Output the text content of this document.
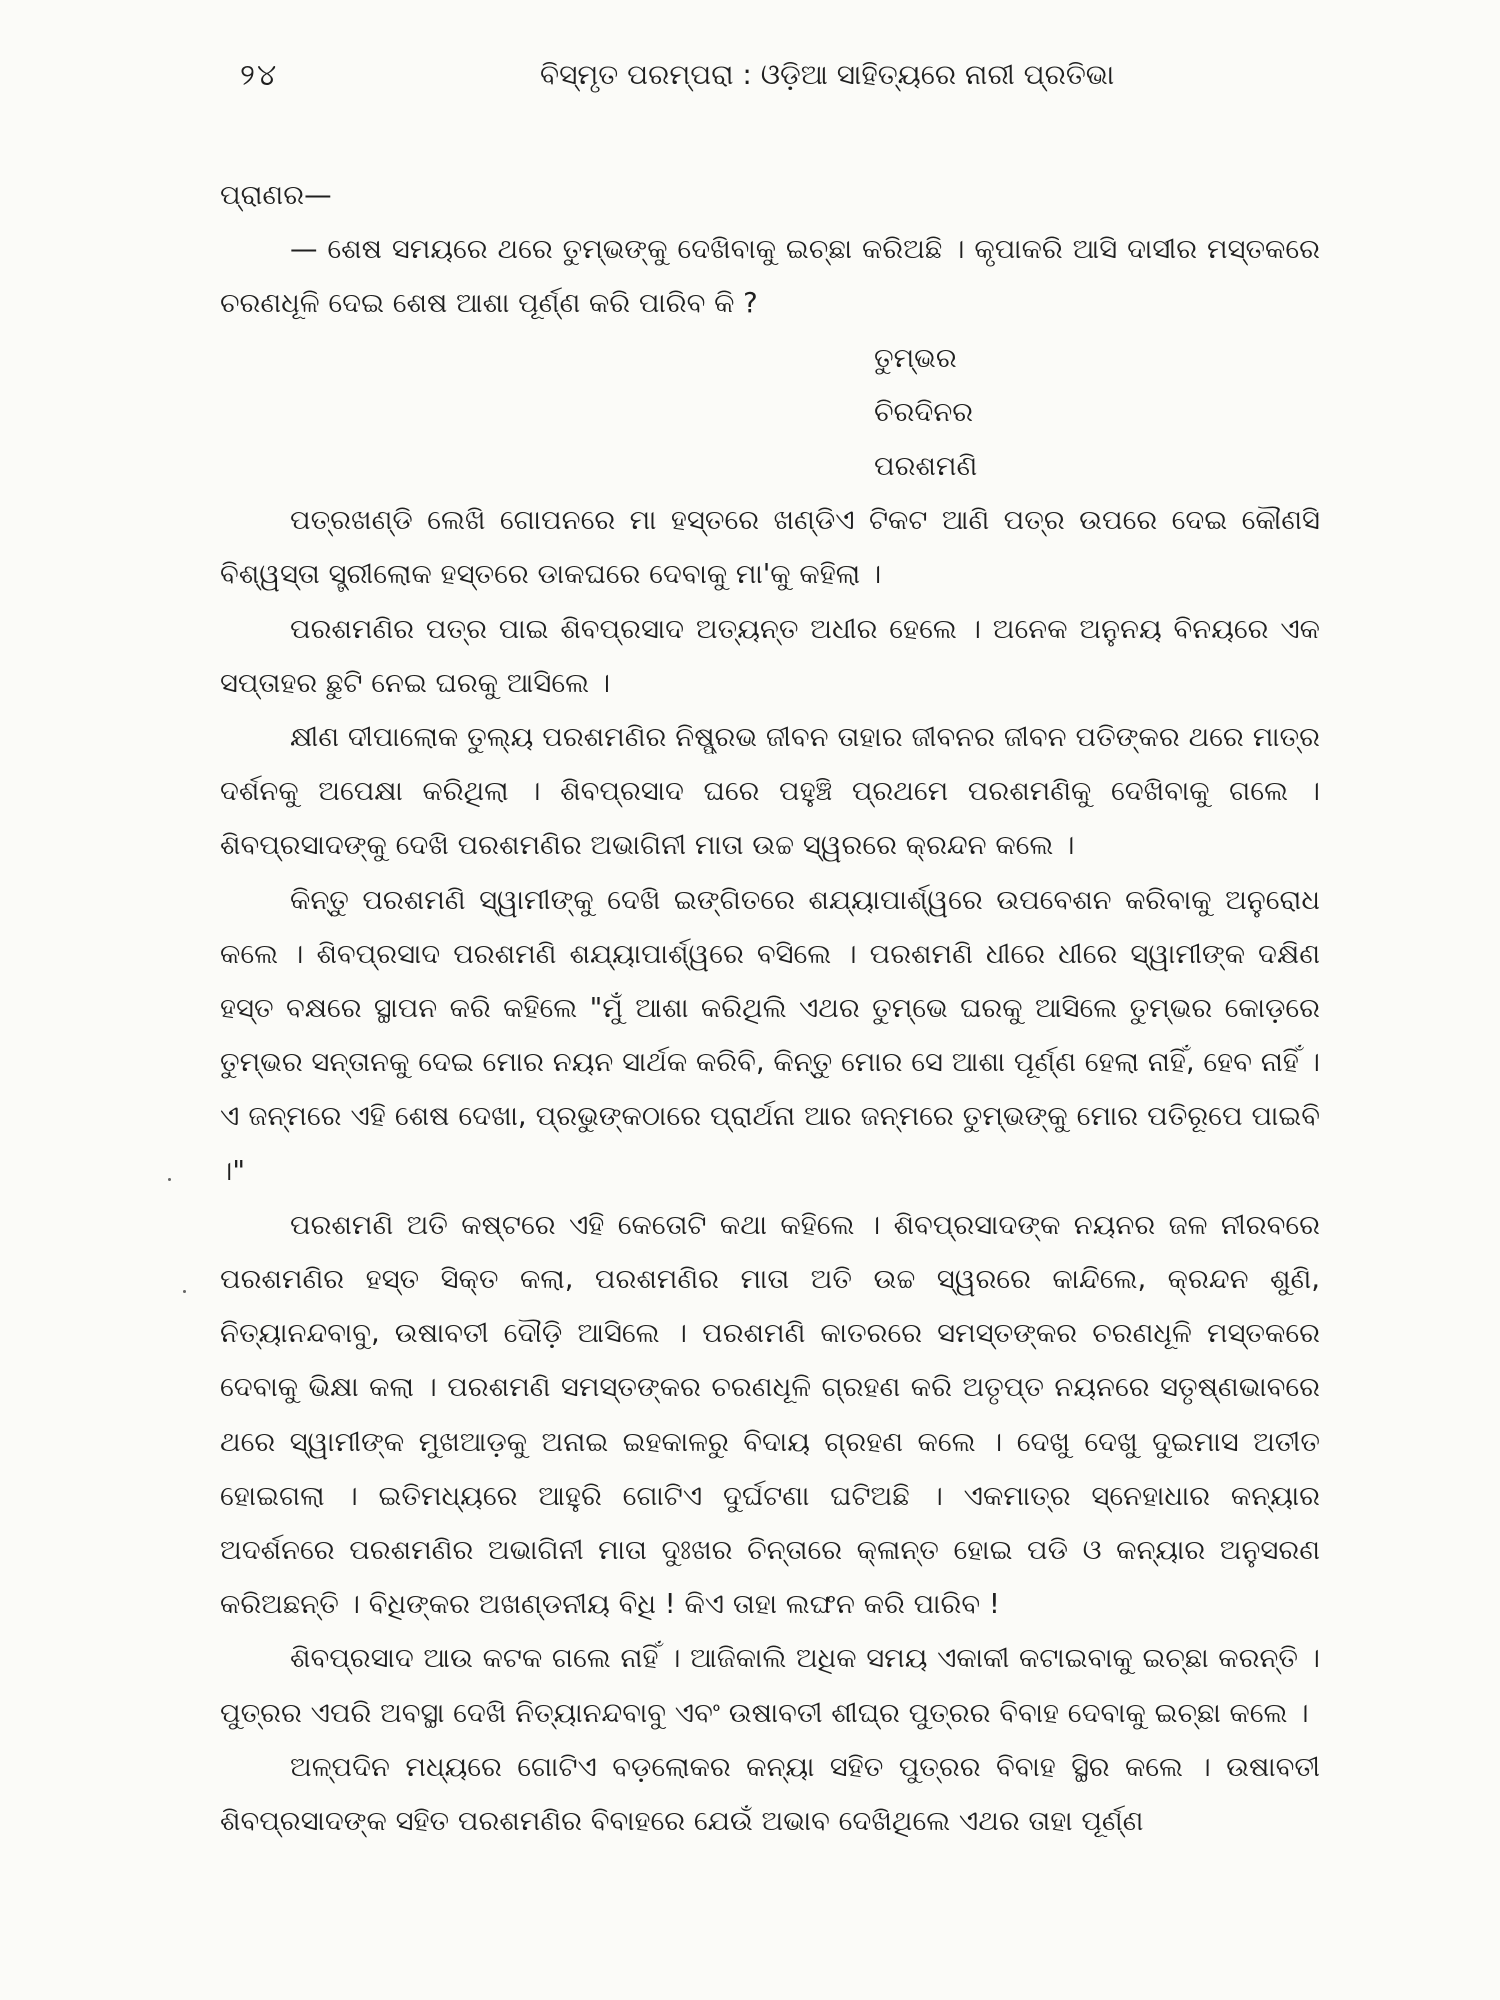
୨୪	ବିସ୍ମୃତ ପରମ୍ପରା : ଓଡ଼ିଆ ସାହିତ୍ୟରେ ନାରୀ ପ୍ରତିଭା

ପ୍ରାଣର—

— ଶେଷ ସମୟରେ ଥରେ ତୁମ୍ଭଙ୍କୁ ଦେଖିବାକୁ ଇଚ୍ଛା କରିଅଛି । କୃପାକରି ଆସି ଦାସୀର ମସ୍ତକରେ ଚରଣଧୂଳି ଦେଇ ଶେଷ ଆଶା ପୂର୍ଣ୍ଣ କରି ପାରିବ କି ?

ତୁମ୍ଭର

ଚିରଦିନର

ପରଶମଣି

ପତ୍ରଖଣ୍ଡି ଲେଖି ଗୋପନରେ ମା ହସ୍ତରେ ଖଣ୍ଡିଏ ଟିକଟ ଆଣି ପତ୍ର ଉପରେ ଦେଇ କୌଣସି ବିଶ୍ୱସ୍ତା ସ୍ତ୍ରୀଲୋକ ହସ୍ତରେ ଡାକଘରେ ଦେବାକୁ ମା'କୁ କହିଲା ।

ପରଶମଣିର ପତ୍ର ପାଇ ଶିବପ୍ରସାଦ ଅତ୍ୟନ୍ତ ଅଧୀର ହେଲେ । ଅନେକ ଅନୁନୟ ବିନୟରେ ଏକ ସପ୍ତାହର ଛୁଟି ନେଇ ଘରକୁ ଆସିଲେ ।

କ୍ଷୀଣ ଦୀପାଲୋକ ତୁଲ୍ୟ ପରଶମଣିର ନିଷ୍ପ୍ରଭ ଜୀବନ ତାହାର ଜୀବନର ଜୀବନ ପତିଙ୍କର ଥରେ ମାତ୍ର ଦର୍ଶନକୁ ଅପେକ୍ଷା କରିଥିଲା । ଶିବପ୍ରସାଦ ଘରେ ପହୁଞ୍ଚି ପ୍ରଥମେ ପରଶମଣିକୁ ଦେଖିବାକୁ ଗଲେ । ଶିବପ୍ରସାଦଙ୍କୁ ଦେଖି ପରଶମଣିର ଅଭାଗିନୀ ମାତା ଉଚ୍ଚ ସ୍ୱରରେ କ୍ରନ୍ଦନ କଲେ ।

କିନ୍ତୁ ପରଶମଣି ସ୍ୱାମୀଙ୍କୁ ଦେଖି ଇଙ୍ଗିତରେ ଶଯ୍ୟାପାର୍ଶ୍ୱରେ ଉପବେଶନ କରିବାକୁ ଅନୁରୋଧ କଲେ । ଶିବପ୍ରସାଦ ପରଶମଣି ଶଯ୍ୟାପାର୍ଶ୍ୱରେ ବସିଲେ । ପରଶମଣି ଧୀରେ ଧୀରେ ସ୍ୱାମୀଙ୍କ ଦକ୍ଷିଣ ହସ୍ତ ବକ୍ଷରେ ସ୍ଥାପନ କରି କହିଲେ "ମୁଁ ଆଶା କରିଥିଲି ଏଥର ତୁମ୍ଭେ ଘରକୁ ଆସିଲେ ତୁମ୍ଭର କୋଡ଼ରେ ତୁମ୍ଭର ସନ୍ତାନକୁ ଦେଇ ମୋର ନୟନ ସାର୍ଥକ କରିବି, କିନ୍ତୁ ମୋର ସେ ଆଶା ପୂର୍ଣ୍ଣ ହେଲା ନାହିଁ, ହେବ ନାହିଁ । ଏ ଜନ୍ମରେ ଏହି ଶେଷ ଦେଖା, ପ୍ରଭୁଙ୍କଠାରେ ପ୍ରାର୍ଥନା ଆର ଜନ୍ମରେ ତୁମ୍ଭଙ୍କୁ ମୋର ପତିରୂପେ ପାଇବି ।"

ପରଶମଣି ଅତି କଷ୍ଟରେ ଏହି କେତୋଟି କଥା କହିଲେ । ଶିବପ୍ରସାଦଙ୍କ ନୟନର ଜଳ ନୀରବରେ ପରଶମଣିର ହସ୍ତ ସିକ୍ତ କଲା, ପରଶମଣିର ମାତା ଅତି ଉଚ୍ଚ ସ୍ୱରରେ କାନ୍ଦିଲେ, କ୍ରନ୍ଦନ ଶୁଣି, ନିତ୍ୟାନନ୍ଦବାବୁ, ଉଷାବତୀ ଦୌଡ଼ି ଆସିଲେ । ପରଶମଣି କାତରରେ ସମସ୍ତଙ୍କର ଚରଣଧୂଳି ମସ୍ତକରେ ଦେବାକୁ ଭିକ୍ଷା କଲା । ପରଶମଣି ସମସ୍ତଙ୍କର ଚରଣଧୂଳି ଗ୍ରହଣ କରି ଅତୃପ୍ତ ନୟନରେ ସତୃଷ୍ଣଭାବରେ ଥରେ ସ୍ୱାମୀଙ୍କ ମୁଖଆଡ଼କୁ ଅନାଇ ଇହକାଳରୁ ବିଦାୟ ଗ୍ରହଣ କଲେ । ଦେଖୁ ଦେଖୁ ଦୁଇମାସ ଅତୀତ ହୋଇଗଲା । ଇତିମଧ୍ୟରେ ଆହୁରି ଗୋଟିଏ ଦୁର୍ଘଟଣା ଘଟିଅଛି । ଏକମାତ୍ର ସ୍ନେହାଧାର କନ୍ୟାର ଅଦର୍ଶନରେ ପରଶମଣିର ଅଭାଗିନୀ ମାତା ଦୁଃଖର ଚିନ୍ତାରେ କ୍ଳାନ୍ତ ହୋଇ ପଡି ଓ କନ୍ୟାର ଅନୁସରଣ କରିଅଛନ୍ତି । ବିଧିଙ୍କର ଅଖଣ୍ଡନୀୟ ବିଧି ! କିଏ ତାହା ଲଙ୍ଘନ କରି ପାରିବ !

ଶିବପ୍ରସାଦ ଆଉ କଟକ ଗଲେ ନାହିଁ । ଆଜିକାଲି ଅଧିକ ସମୟ ଏକାକୀ କଟାଇବାକୁ ଇଚ୍ଛା କରନ୍ତି । ପୁତ୍ରର ଏପରି ଅବସ୍ଥା ଦେଖି ନିତ୍ୟାନନ୍ଦବାବୁ ଏବଂ ଉଷାବତୀ ଶୀଘ୍ର ପୁତ୍ରର ବିବାହ ଦେବାକୁ ଇଚ୍ଛା କଲେ ।

ଅଳ୍ପଦିନ ମଧ୍ୟରେ ଗୋଟିଏ ବଡ଼ଲୋକର କନ୍ୟା ସହିତ ପୁତ୍ରର ବିବାହ ସ୍ଥିର କଲେ । ଉଷାବତୀ ଶିବପ୍ରସାଦଙ୍କ ସହିତ ପରଶମଣିର ବିବାହରେ ଯେଉଁ ଅଭାବ ଦେଖିଥିଲେ ଏଥର ତାହା ପୂର୍ଣ୍ଣ
